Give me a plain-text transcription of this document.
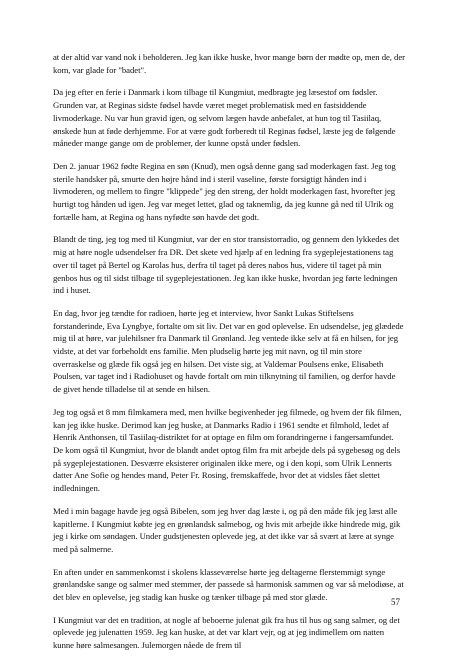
at der altid var vand nok i beholderen. Jeg kan ikke huske, hvor mange børn der mødte op, men de, der kom, var glade for "badet".

Da jeg efter en ferie i Danmark i kom tilbage til Kungmiut, medbragte jeg læsestof om fødsler. Grunden var, at Reginas sidste fødsel havde været meget problematisk med en fastsiddende livmoderkage. Nu var hun gravid igen, og selvom lægen havde anbefalet, at hun tog til Tasiilaq, ønskede hun at føde derhjemme. For at være godt forberedt til Reginas fødsel, læste jeg de følgende måneder mange gange om de problemer, der kunne opstå under fødslen.

Den 2. januar 1962 fødte Regina en søn (Knud), men også denne gang sad moderkagen fast. Jeg tog sterile handsker på, smurte den højre hånd ind i steril vaseline, første forsigtigt hånden ind i livmoderen, og mellem to fingre "klippede" jeg den streng, der holdt moderkagen fast, hvorefter jeg hurtigt tog hånden ud igen. Jeg var meget lettet, glad og taknemlig, da jeg kunne gå ned til Ulrik og fortælle ham, at Regina og hans nyfødte søn havde det godt.

Blandt de ting, jeg tog med til Kungmiut, var der en stor transistorradio, og gennem den lykkedes det mig at høre nogle udsendelser fra DR. Det skete ved hjælp af en ledning fra sygeplejestationens tag over til taget på Bertel og Karolas hus, derfra til taget på deres nabos hus, videre til taget på min genbos hus og til sidst tilbage til sygeplejestationen. Jeg kan ikke huske, hvordan jeg førte ledningen ind i huset.

En dag, hvor jeg tændte for radioen, hørte jeg et interview, hvor Sankt Lukas Stiftelsens forstanderinde, Eva Lyngbye, fortalte om sit liv. Det var en god oplevelse. En udsendelse, jeg glædede mig til at høre, var julehilsner fra Danmark til Grønland. Jeg ventede ikke selv at få en hilsen, for jeg vidste, at det var forbeholdt ens familie. Men pludselig hørte jeg mit navn, og til min store overraskelse og glæde fik også jeg en hilsen. Det viste sig, at Valdemar Poulsens enke, Elisabeth Poulsen, var taget ind i Radiohuset og havde fortalt om min tilknytning til familien, og derfor havde de givet hende tilladelse til at sende en hilsen.

Jeg tog også et 8 mm filmkamera med, men hvilke begivenheder jeg filmede, og hvem der fik filmen, kan jeg ikke huske. Derimod kan jeg huske, at Danmarks Radio i 1961 sendte et filmhold, ledet af Henrik Anthonsen, til Tasiilaq-distriktet for at optage en film om forandringerne i fangersamfundet. De kom også til Kungmiut, hvor de blandt andet optog film fra mit arbejde dels på sygebesøg og dels på sygeplejestationen. Desværre eksisterer originalen ikke mere, og i den kopi, som Ulrik Lennerts datter Ane Sofie og hendes mand, Peter Fr. Rosing, fremskaffede, hvor det at vidsles fået slettet indledningen.

Med i min bagage havde jeg også Bibelen, som jeg hver dag læste i, og på den måde fik jeg læst alle kapitlerne. I Kungmiut købte jeg en grønlandsk salmebog, og hvis mit arbejde ikke hindrede mig, gik jeg i kirke om søndagen. Under gudstjenesten oplevede jeg, at det ikke var så svært at lære at synge med på salmerne.

En aften under en sammenkomst i skolens klasseværelse hørte jeg deltagerne flerstemmigt synge grønlandske sange og salmer med stemmer, der passede så harmonisk sammen og var så melodiøse, at det blev en oplevelse, jeg stadig kan huske og tænker tilbage på med stor glæde.

I Kungmiut var det en tradition, at nogle af beboerne julenat gik fra hus til hus og sang salmer, og det oplevede jeg julenatten 1959. Jeg kan huske, at det var klart vejr, og at jeg indimellem om natten kunne høre salmesangen. Julemorgen nåede de frem til

57
